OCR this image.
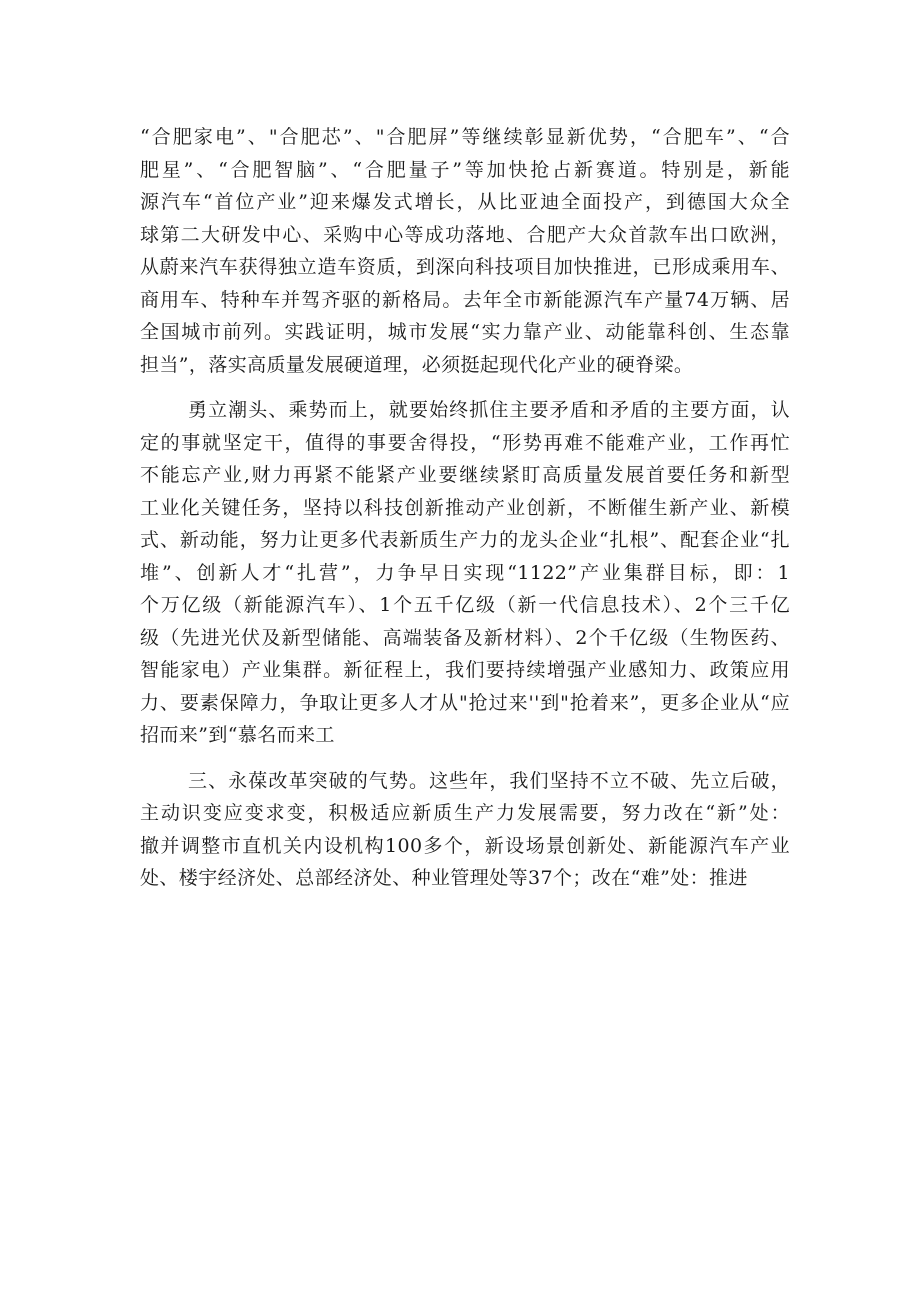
“合肥家电”、"合肥芯”、"合肥屏”等继续彰显新优势，“合肥车”、“合
肥星”、“合肥智脑”、“合肥量子”等加快抢占新赛道。特别是，新能
源汽车“首位产业”迎来爆发式增长，从比亚迪全面投产，到德国大众全
球第二大研发中心、采购中心等成功落地、合肥产大众首款车出口欧洲，
从蔚来汽车获得独立造车资质，到深向科技项目加快推进，已形成乘用车、
商用车、特种车并驾齐驱的新格局。去年全市新能源汽车产量74万辆、居
全国城市前列。实践证明，城市发展“实力靠产业、动能靠科创、生态靠
担当”，落实高质量发展硬道理，必须挺起现代化产业的硬脊梁。
勇立潮头、乘势而上，就要始终抓住主要矛盾和矛盾的主要方面，认
定的事就坚定干，值得的事要舍得投，“形势再难不能难产业，工作再忙
不能忘产业,财力再紧不能紧产业要继续紧盯高质量发展首要任务和新型
工业化关键任务，坚持以科技创新推动产业创新，不断催生新产业、新模
式、新动能，努力让更多代表新质生产力的龙头企业“扎根”、配套企业“扎
堆”、创新人才“扎营”，力争早日实现“1122”产业集群目标，即：1
个万亿级（新能源汽车）、1个五千亿级（新一代信息技术）、2个三千亿
级（先进光伏及新型储能、高端装备及新材料）、2个千亿级（生物医药、
智能家电）产业集群。新征程上，我们要持续增强产业感知力、政策应用
力、要素保障力，争取让更多人才从"抢过来''到"抢着来”，更多企业从“应
招而来”到“慕名而来工
三、永葆改革突破的气势。这些年，我们坚持不立不破、先立后破，
主动识变应变求变，积极适应新质生产力发展需要，努力改在“新”处：
撤并调整市直机关内设机构100多个，新设场景创新处、新能源汽车产业
处、楼宇经济处、总部经济处、种业管理处等37个；改在“难”处：推进
